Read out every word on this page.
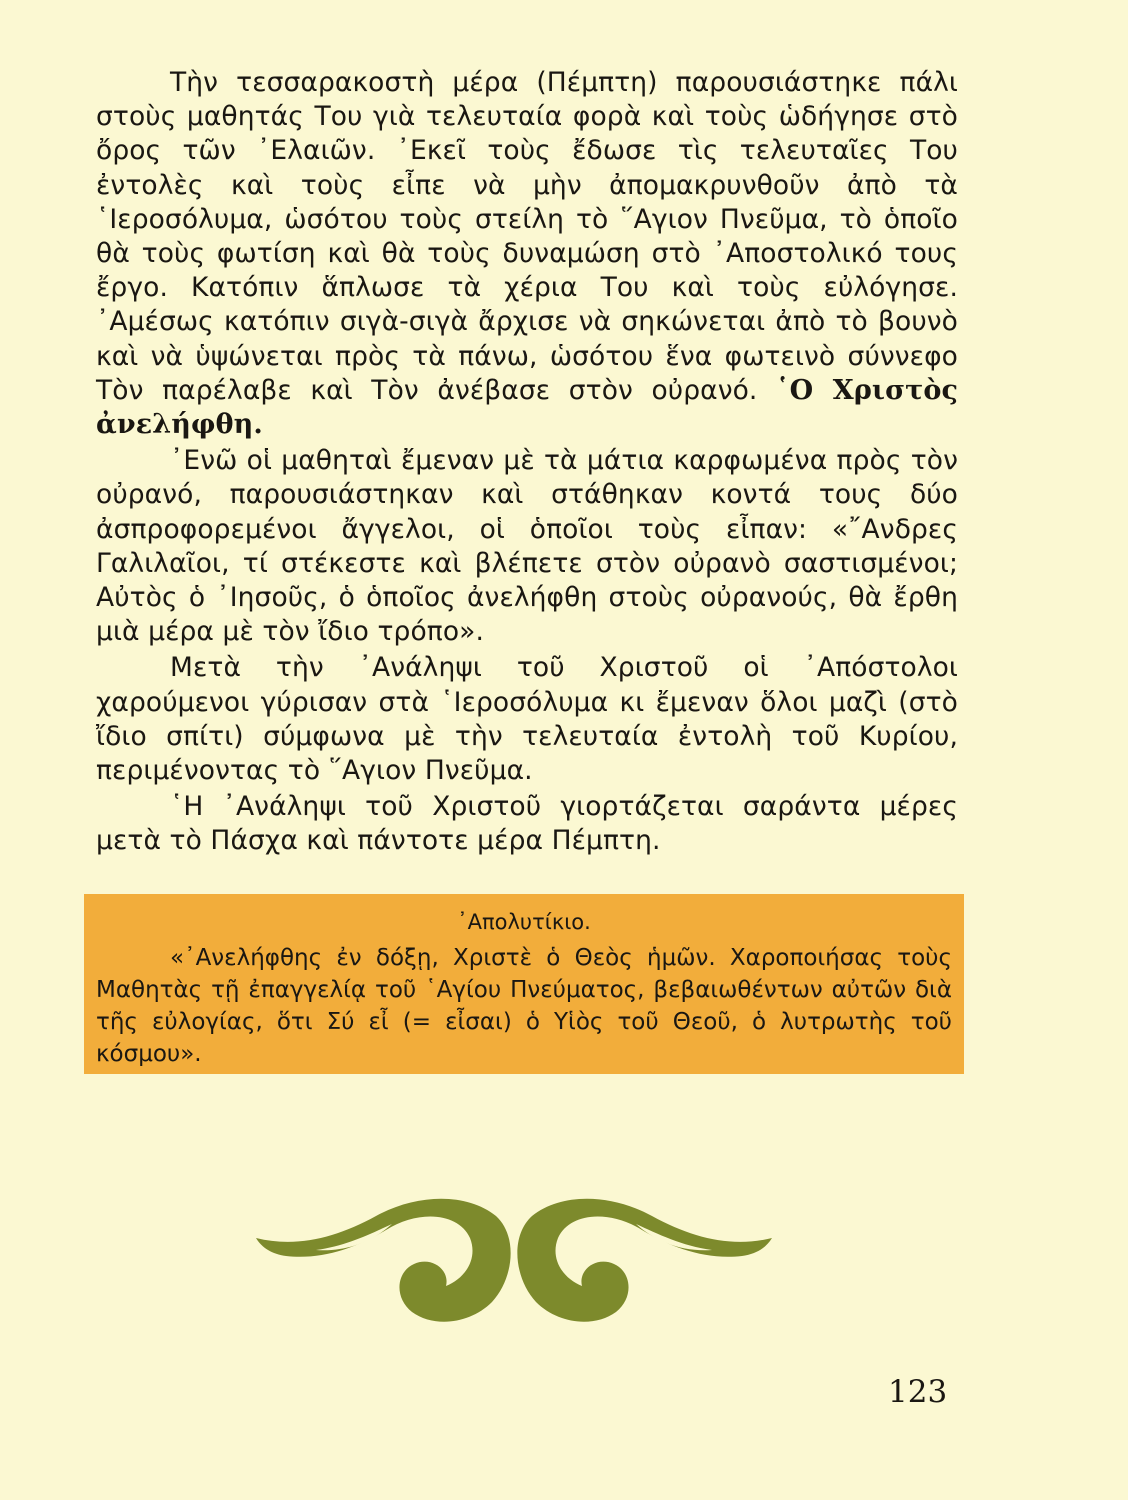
Τὴν τεσσαρακοστὴ μέρα (Πέμπτη) παρουσιάστηκε πάλι στοὺς μαθητάς Του γιὰ τελευταία φορὰ καὶ τοὺς ὡδήγησε στὸ ὄρος τῶν ᾿Ελαιῶν. ᾿Εκεῖ τοὺς ἔδωσε τὶς τελευταῖες Του ἐντολὲς καὶ τοὺς εἶπε νὰ μὴν ἀπομακρυνθοῦν ἀπὸ τὰ ῾Ιεροσόλυμα, ὡσότου τοὺς στείλη τὸ ῞Αγιον Πνεῦμα, τὸ ὁποῖο θὰ τοὺς φωτίση καὶ θὰ τοὺς δυναμώση στὸ ᾿Αποστολικό τους ἔργο. Κατόπιν ἅπλωσε τὰ χέρια Του καὶ τοὺς εὐλόγησε. ᾿Αμέσως κατόπιν σιγὰ-σιγὰ ἄρχισε νὰ σηκώνεται ἀπὸ τὸ βουνὸ καὶ νὰ ὑψώνεται πρὸς τὰ πάνω, ὡσότου ἕνα φωτεινὸ σύννεφο Τὸν παρέλαβε καὶ Τὸν ἀνέβασε στὸν οὐρανό. ῾Ο Χριστὸς ἀνελήφθη.

᾿Ενῶ οἱ μαθηταὶ ἔμεναν μὲ τὰ μάτια καρφωμένα πρὸς τὸν οὐρανό, παρουσιάστηκαν καὶ στάθηκαν κοντά τους δύο ἀσπροφορεμένοι ἄγγελοι, οἱ ὁποῖοι τοὺς εἶπαν: «῎Ανδρες Γαλιλαῖοι, τί στέκεστε καὶ βλέπετε στὸν οὐρανὸ σαστισμένοι; Αὐτὸς ὁ ᾿Ιησοῦς, ὁ ὁποῖος ἀνελήφθη στοὺς οὐρανούς, θὰ ἔρθη μιὰ μέρα μὲ τὸν ἴδιο τρόπο».

Μετὰ τὴν ᾿Ανάληψι τοῦ Χριστοῦ οἱ ᾿Απόστολοι χαρούμενοι γύρισαν στὰ ῾Ιεροσόλυμα κι ἔμεναν ὅλοι μαζὶ (στὸ ἴδιο σπίτι) σύμφωνα μὲ τὴν τελευταία ἐντολὴ τοῦ Κυρίου, περιμένοντας τὸ ῞Αγιον Πνεῦμα.

῾Η ᾿Ανάληψι τοῦ Χριστοῦ γιορτάζεται σαράντα μέρες μετὰ τὸ Πάσχα καὶ πάντοτε μέρα Πέμπτη.

᾿Απολυτίκιο.

«᾿Ανελήφθης ἐν δόξῃ, Χριστὲ ὁ Θεὸς ἡμῶν. Χαροποιήσας τοὺς Μαθητὰς τῇ ἐπαγγελίᾳ τοῦ ῾Αγίου Πνεύματος, βεβαιωθέντων αὐτῶν διὰ τῆς εὐλογίας, ὅτι Σύ εἶ (= εἶσαι) ὁ Υἱὸς τοῦ Θεοῦ, ὁ λυτρωτὴς τοῦ κόσμου».

123
